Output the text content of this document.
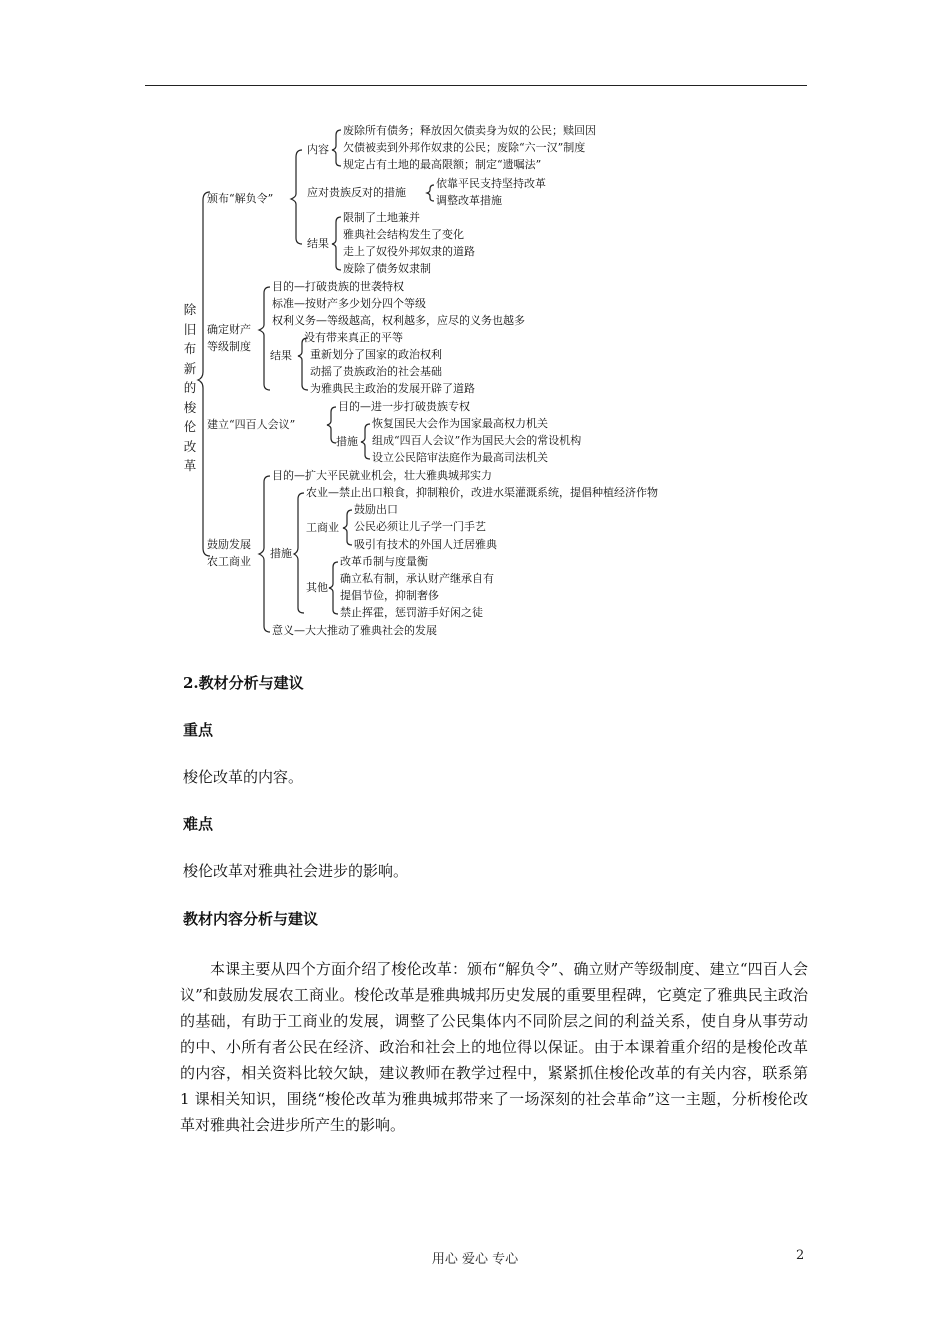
除旧布新的梭伦改革
颁布“解负令”
内容
废除所有债务；释放因欠债卖身为奴的公民；赎回因
欠债被卖到外邦作奴隶的公民；废除“六一汉”制度
规定占有土地的最高限额；制定“遗嘱法”
应对贵族反对的措施
依靠平民支持坚持改革
调整改革措施
结果
限制了土地兼并
雅典社会结构发生了变化
走上了奴役外邦奴隶的道路
废除了债务奴隶制
确定财产
等级制度
目的—打破贵族的世袭特权
标准—按财产多少划分四个等级
权利义务—等级越高，权利越多，应尽的义务也越多
结果
没有带来真正的平等
重新划分了国家的政治权利
动摇了贵族政治的社会基础
为雅典民主政治的发展开辟了道路
建立“四百人会议”
目的—进一步打破贵族专权
措施
恢复国民大会作为国家最高权力机关
组成“四百人会议”作为国民大会的常设机构
设立公民陪审法庭作为最高司法机关
鼓励发展
农工商业
目的—扩大平民就业机会，壮大雅典城邦实力
措施
农业—禁止出口粮食，抑制粮价，改进水渠灌溉系统，提倡种植经济作物
工商业
鼓励出口
公民必须让儿子学一门手艺
吸引有技术的外国人迁居雅典
其他
改革币制与度量衡
确立私有制，承认财产继承自有
提倡节俭，抑制奢侈
禁止挥霍，惩罚游手好闲之徒
意义—大大推动了雅典社会的发展
2.教材分析与建议
重点
梭伦改革的内容。
难点
梭伦改革对雅典社会进步的影响。
教材内容分析与建议

本课主要从四个方面介绍了梭伦改革：颁布“解负令”、确立财产等级制度、建立“四百人会议”和鼓励发展农工商业。梭伦改革是雅典城邦历史发展的重要里程碑，它奠定了雅典民主政治的基础，有助于工商业的发展，调整了公民集体内不同阶层之间的利益关系，使自身从事劳动的中、小所有者公民在经济、政治和社会上的地位得以保证。由于本课着重介绍的是梭伦改革的内容，相关资料比较欠缺，建议教师在教学过程中，紧紧抓住梭伦改革的有关内容，联系第 1 课相关知识，围绕“梭伦改革为雅典城邦带来了一场深刻的社会革命”这一主题，分析梭伦改革对雅典社会进步所产生的影响。

用心 爱心 专心	2
